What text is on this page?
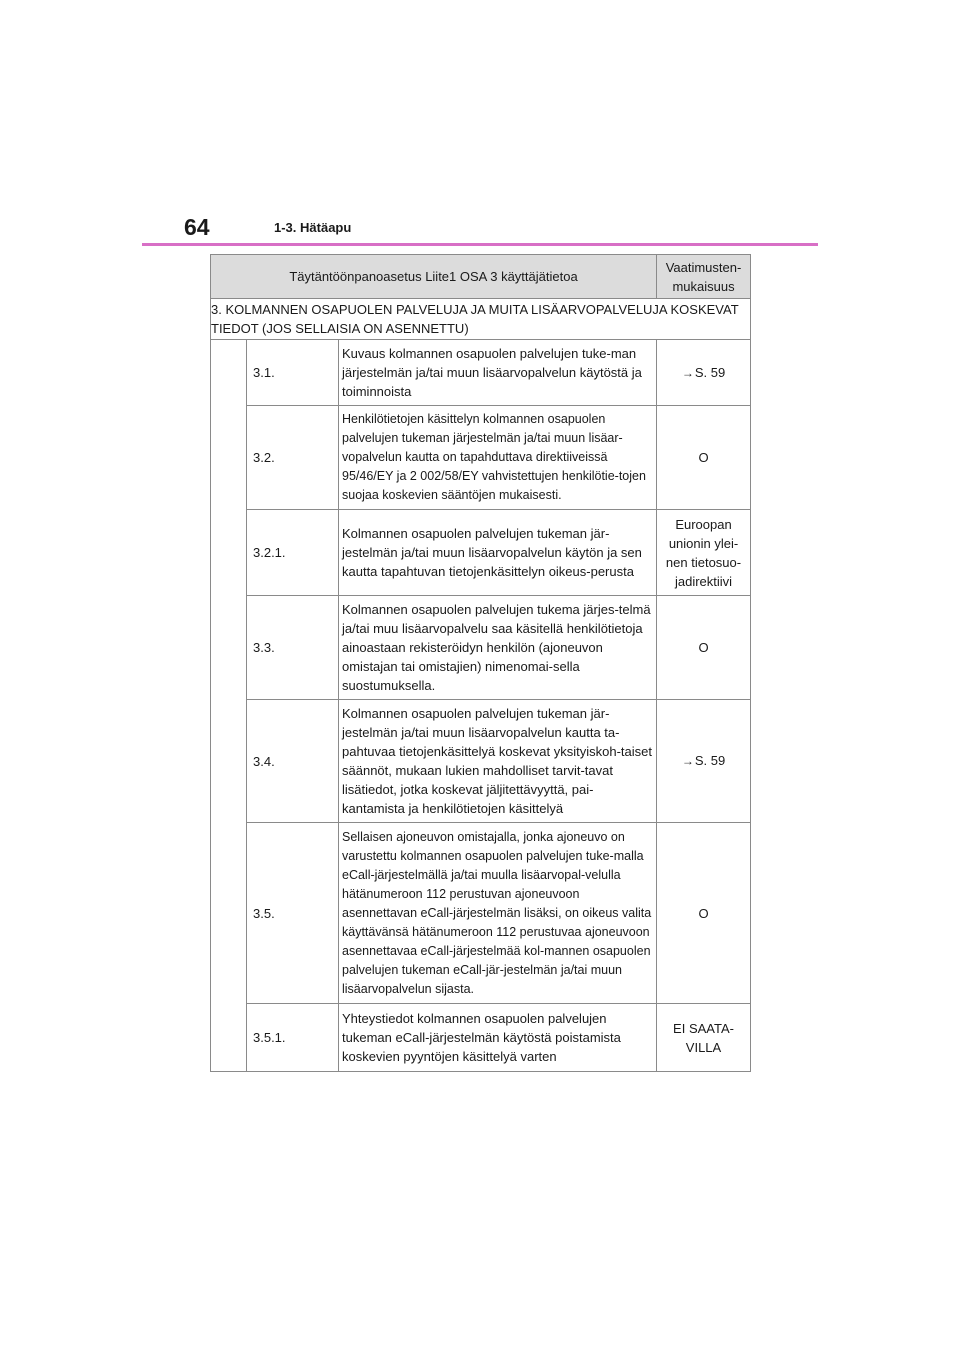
64	1-3. Hätäapu
Täytäntöönpanoasetus Liite1 OSA 3 käyttäjätietoa			Vaatimusten-mukaisuus

3. KOLMANNEN OSAPUOLEN PALVELUJA JA MUITA LISÄARVOPALVELUJA KOSKEVAT TIEDOT (JOS SELLAISIA ON ASENNETTU)			
	3.1.	Kuvaus kolmannen osapuolen palvelujen tuke-man järjestelmän ja/tai muun lisäarvopalvelun käytöstä ja toiminnoista	→S. 59
	3.2.	Henkilötietojen käsittelyn kolmannen osapuolen palvelujen tukeman järjestelmän ja/tai muun lisäar-vopalvelun kautta on tapahduttava direktiiveissä 95/46/EY ja 2 002/58/EY vahvistettujen henkilötie-tojen suojaa koskevien sääntöjen mukaisesti.	O
	3.2.1.	Kolmannen osapuolen palvelujen tukeman jär-jestelmän ja/tai muun lisäarvopalvelun käytön ja sen kautta tapahtuvan tietojenkäsittelyn oikeus-perusta	Euroopan unionin ylei-nen tietosuo-jadirektiivi

	3.3.	Kolmannen osapuolen palvelujen tukema järjes-telmä ja/tai muu lisäarvopalvelu saa käsitellä henkilötietoja ainoastaan rekisteröidyn henkilön (ajoneuvon omistajan tai omistajien) nimenomai-sella suostumuksella.	O
	3.4.	Kolmannen osapuolen palvelujen tukeman jär-jestelmän ja/tai muun lisäarvopalvelun kautta ta-pahtuvaa tietojenkäsittelyä koskevat yksityiskoh-taiset säännöt, mukaan lukien mahdolliset tarvit-tavat lisätiedot, jotka koskevat jäljitettävyyttä, pai-kantamista ja henkilötietojen käsittelyä	→S. 59
	3.5.	Sellaisen ajoneuvon omistajalla, jonka ajoneuvo on varustettu kolmannen osapuolen palvelujen tuke-malla eCall-järjestelmällä ja/tai muulla lisäarvopal-velulla hätänumeroon 112 perustuvan ajoneuvoon asennettavan eCall-järjestelmän lisäksi, on oikeus valita käyttävänsä hätänumeroon 112 perustuvaa ajoneuvoon asennettavaa eCall-järjestelmää kol-mannen osapuolen palvelujen tukeman eCall-jär-jestelmän ja/tai muun lisäarvopalvelun sijasta.	O
	3.5.1.	Yhteystiedot kolmannen osapuolen palvelujen tukeman eCall-järjestelmän käytöstä poistamista koskevien pyyntöjen käsittelyä varten	EI SAATA-VILLA
